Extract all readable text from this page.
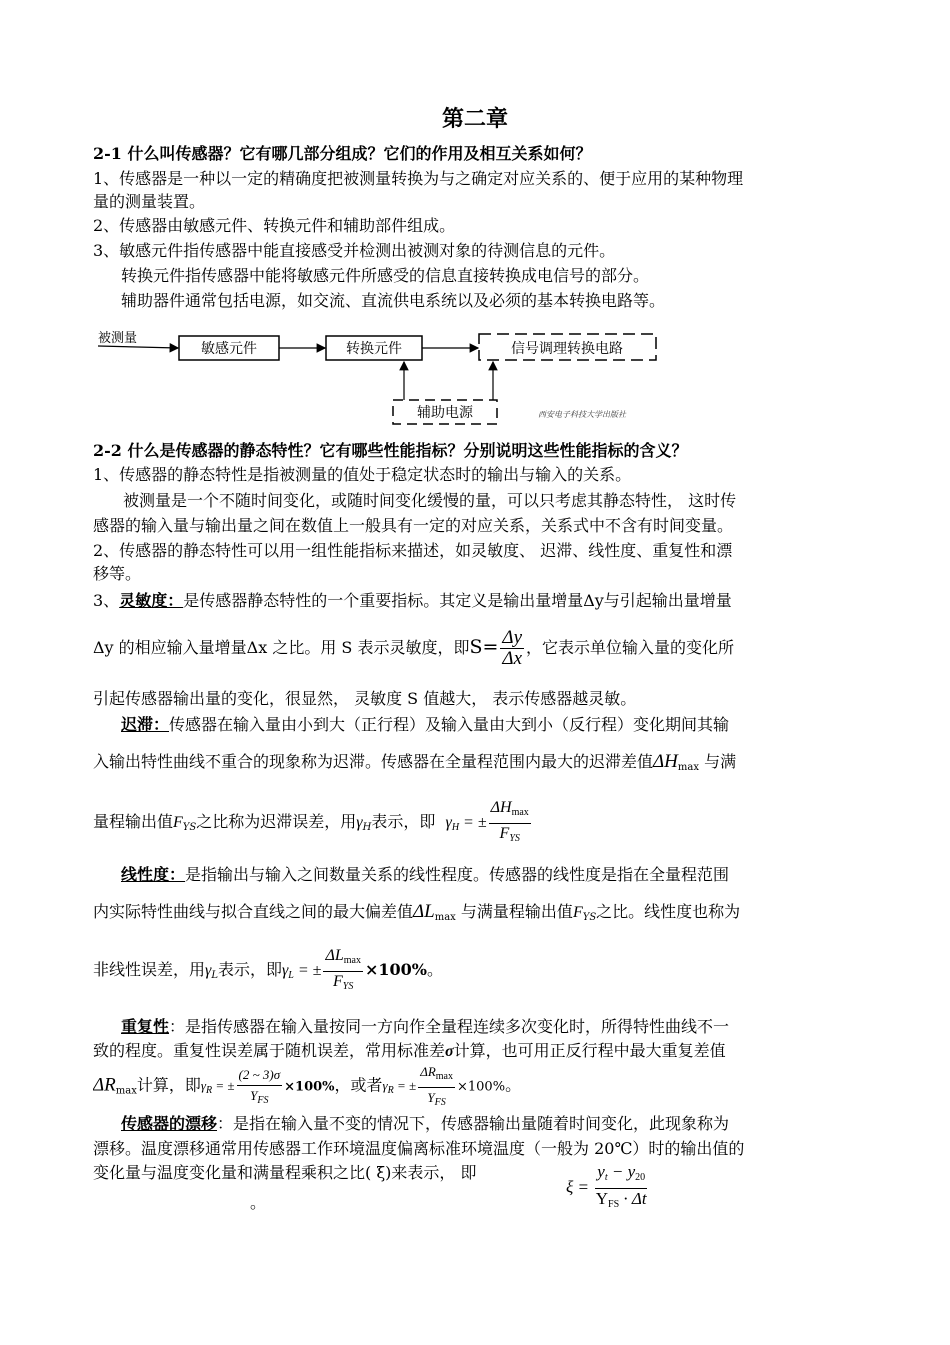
第二章
2-1 什么叫传感器？它有哪几部分组成？它们的作用及相互关系如何？
1、传感器是一种以一定的精确度把被测量转换为与之确定对应关系的、便于应用的某种物理
量的测量装置。
2、传感器由敏感元件、转换元件和辅助部件组成。
3、敏感元件指传感器中能直接感受并检测出被测对象的待测信息的元件。
转换元件指传感器中能将敏感元件所感受的信息直接转换成电信号的部分。
辅助器件通常包括电源，如交流、直流供电系统以及必须的基本转换电路等。
被测量
敏感元件	转换元件	信号调理转换电路
辅助电源	西安电子科技大学出版社
2-2 什么是传感器的静态特性？它有哪些性能指标？分别说明这些性能指标的含义？
1、传感器的静态特性是指被测量的值处于稳定状态时的输出与输入的关系。
被测量是一个不随时间变化，或随时间变化缓慢的量，可以只考虑其静态特性， 这时传
感器的输入量与输出量之间在数值上一般具有一定的对应关系，关系式中不含有时间变量。
2、传感器的静态特性可以用一组性能指标来描述，如灵敏度、 迟滞、线性度、重复性和漂
移等。
3、灵敏度：是传感器静态特性的一个重要指标。其定义是输出量增量Δy与引起输出量增量
Δy 的相应输入量增量Δx 之比。用 S 表示灵敏度，即$S= \frac{\Delta y}{\Delta x}$ ，它表示单位输入量的变化所
引起传感器输出量的变化，很显然， 灵敏度 S 值越大， 表示传感器越灵敏。
迟滞：传感器在输入量由小到大（正行程）及输入量由大到小（反行程）变化期间其输
入输出特性曲线不重合的现象称为迟滞。传感器在全量程范围内最大的迟滞差值$\Delta H_{max}$ 与满
量程输出值FYS之比称为迟滞误差，用γH表示，即 γH = ± $\frac{\Delta H_{max}}{\text{FYS}}$
线性度：是指输出与输入之间数量关系的线性程度。传感器的线性度是指在全量程范围
内实际特性曲线与拟合直线之间的最大偏差值$\Delta L_{max}$ 与满量程输出值FYS之比。线性度也称为
非线性误差，用γL表示，即γL = ± $\frac{\Delta L_{max}}{\text{FYS}} \times 100\%$。
重复性：是指传感器在输入量按同一方向作全量程连续多次变化时，所得特性曲线不一
致的程度。重复性误差属于随机误差，常用标准差σ计算，也可用正反行程中最大重复差值
$\Delta R_{max}$计算，即$\gamma_R$ = ± $\frac{(2 \sim 3)\sigma}{Y_{FS}} \times 100\%$，或者$\gamma_R$ = ± $\frac{\Delta R_{max}}{Y_{FS}} \times 100\%$。
传感器的漂移：是指在输入量不变的情况下，传感器输出量随着时间变化，此现象称为
漂移。温度漂移通常用传感器工作环境温度偏离标准环境温度（一般为 20℃）时的输出值的
变化量与温度变化量和满量程乘积之比( ξ)来表示， 即
$\xi = \frac{yt - y_{20}}{Y_{FS} \cdot \Delta t}$
。
